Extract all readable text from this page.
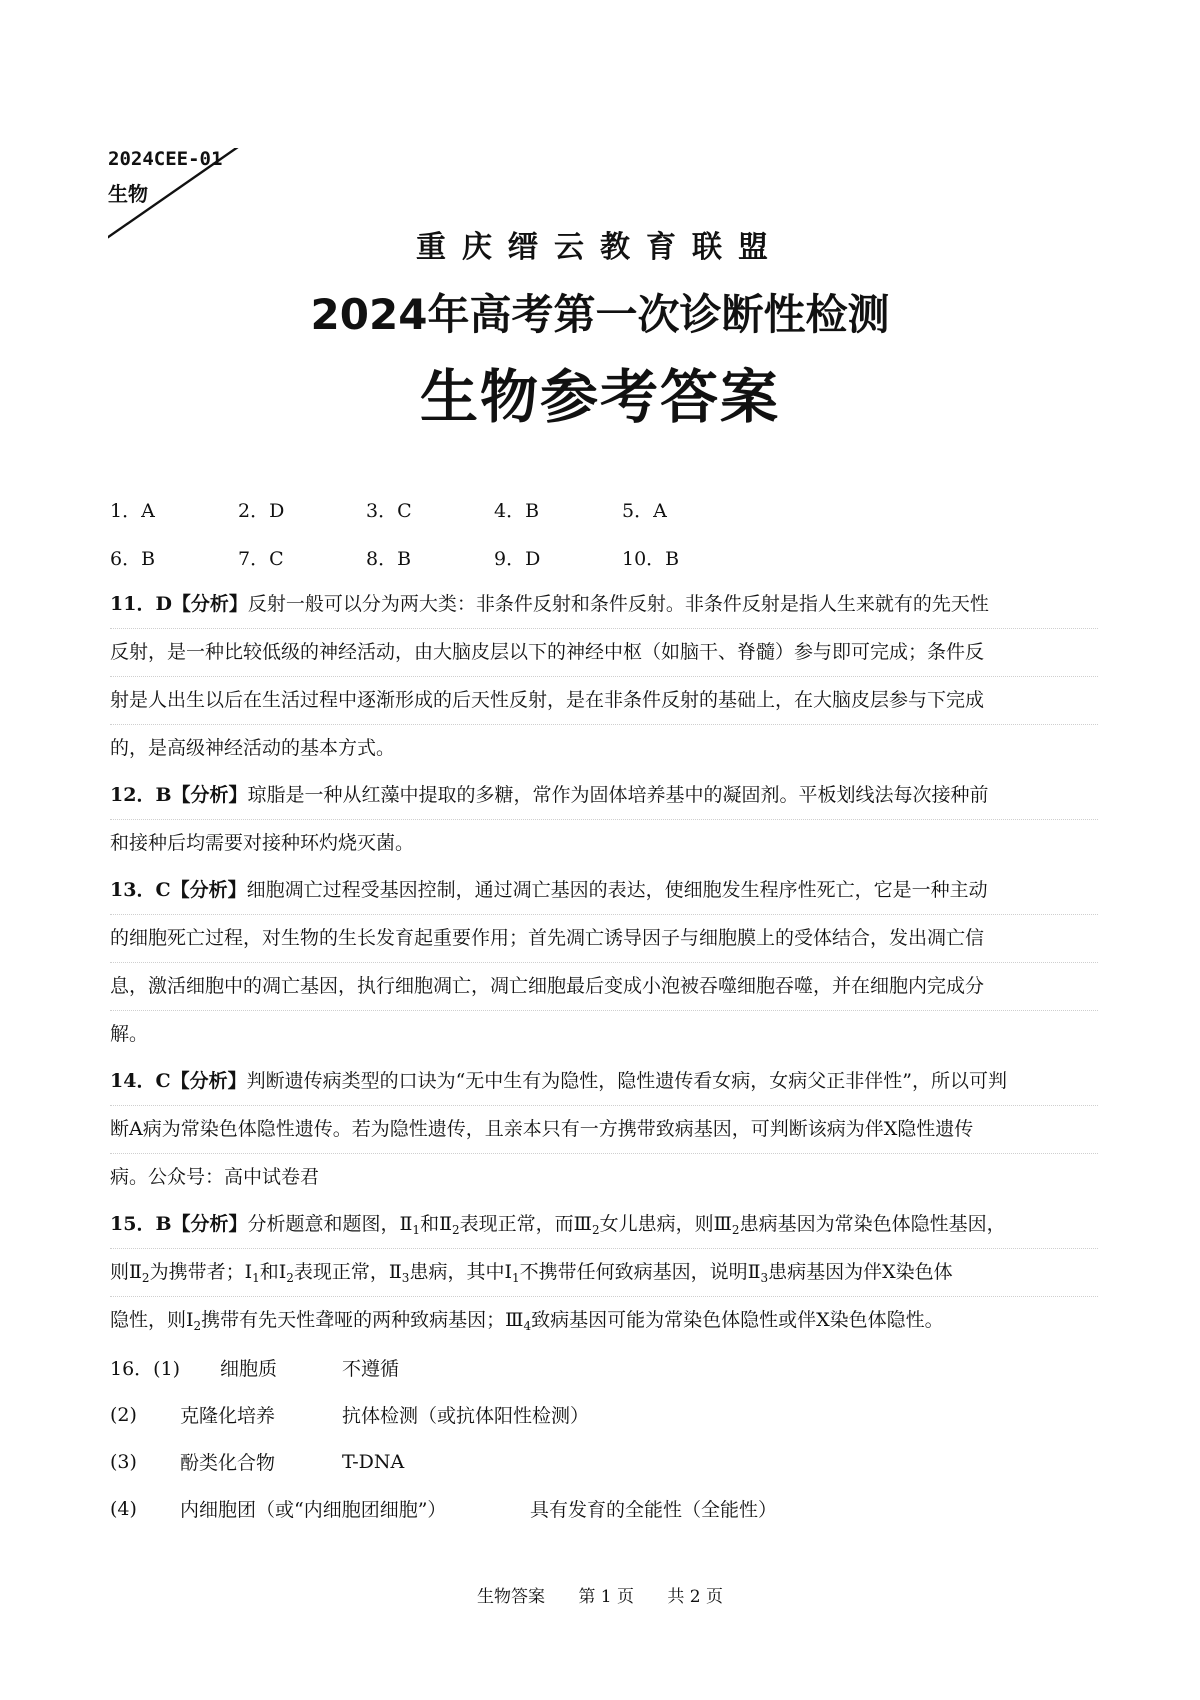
2024CEE-01
生物
重庆缙云教育联盟
2024年高考第一次诊断性检测
生物参考答案
1．A	2．D	3．C	4．B	5．A
6．B	7．C	8．B	9．D	10．B
11．D【分析】反射一般可以分为两大类：非条件反射和条件反射。非条件反射是指人生来就有的先天性
反射，是一种比较低级的神经活动，由大脑皮层以下的神经中枢（如脑干、脊髓）参与即可完成；条件反
射是人出生以后在生活过程中逐渐形成的后天性反射，是在非条件反射的基础上，在大脑皮层参与下完成
的，是高级神经活动的基本方式。
12．B【分析】琼脂是一种从红藻中提取的多糖，常作为固体培养基中的凝固剂。平板划线法每次接种前
和接种后均需要对接种环灼烧灭菌。
13．C【分析】细胞凋亡过程受基因控制，通过凋亡基因的表达，使细胞发生程序性死亡，它是一种主动
的细胞死亡过程，对生物的生长发育起重要作用；首先凋亡诱导因子与细胞膜上的受体结合，发出凋亡信
息，激活细胞中的凋亡基因，执行细胞凋亡，凋亡细胞最后变成小泡被吞噬细胞吞噬，并在细胞内完成分
解。
14．C【分析】判断遗传病类型的口诀为“无中生有为隐性，隐性遗传看女病，女病父正非伴性”，所以可判
断A病为常染色体隐性遗传。若为隐性遗传，且亲本只有一方携带致病基因，可判断该病为伴X隐性遗传
病。公众号：高中试卷君
15．B【分析】分析题意和题图，$Ⅱ_1$和$Ⅱ_2$表现正常，而$Ⅲ_2$女儿患病，则$Ⅲ_2$患病基因为常染色体隐性基因，
则$Ⅱ_2$为携带者；$Ⅰ_1$和$Ⅰ_2$表现正常，$Ⅱ_3$患病，其中$Ⅰ_1$不携带任何致病基因，说明$Ⅱ_3$患病基因为伴X染色体
隐性，则$Ⅰ_2$携带有先天性聋哑的两种致病基因；$Ⅲ_4$致病基因可能为常染色体隐性或伴X染色体隐性。
16．(1)	细胞质	不遵循
(2)	克隆化培养	抗体检测（或抗体阳性检测）
(3)	酚类化合物	T-DNA
(4)	内细胞团（或“内细胞团细胞”）	具有发育的全能性（全能性）
生物答案 第 1 页 共 2 页
